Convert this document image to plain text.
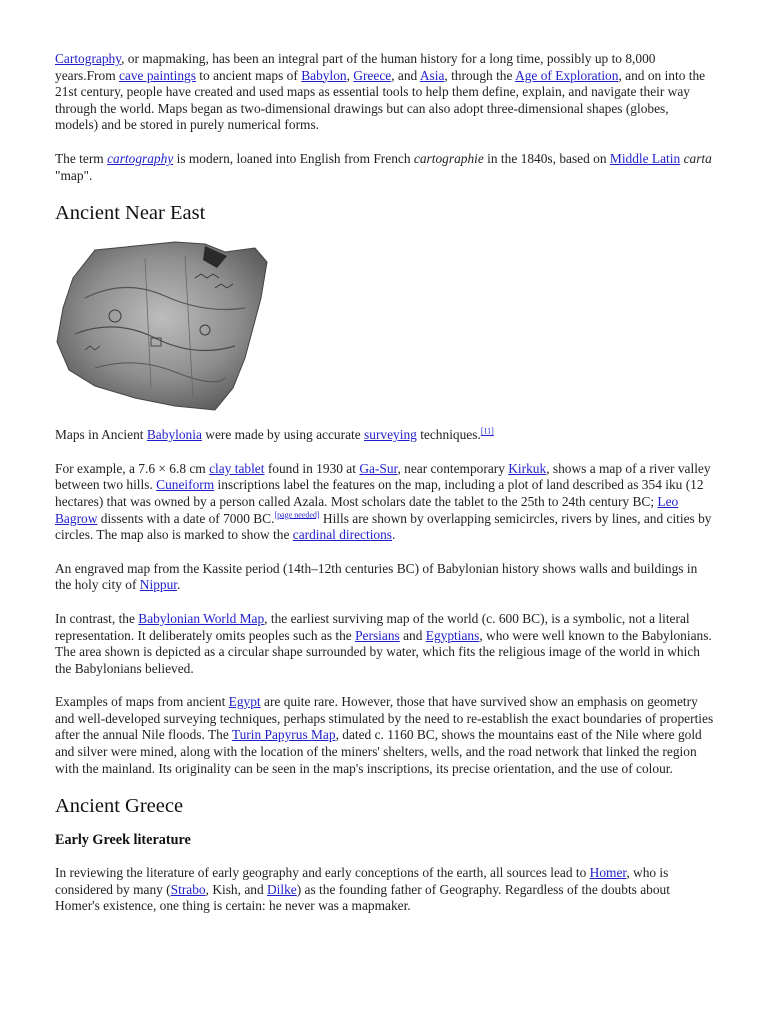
Cartography, or mapmaking, has been an integral part of the human history for a long time, possibly up to 8,000 years.From cave paintings to ancient maps of Babylon, Greece, and Asia, through the Age of Exploration, and on into the 21st century, people have created and used maps as essential tools to help them define, explain, and navigate their way through the world. Maps began as two-dimensional drawings but can also adopt three-dimensional shapes (globes, models) and be stored in purely numerical forms.

The term cartography is modern, loaned into English from French cartographie in the 1840s, based on Middle Latin carta "map".

Ancient Near East

Maps in Ancient Babylonia were made by using accurate surveying techniques.[11]

For example, a 7.6 × 6.8 cm clay tablet found in 1930 at Ga-Sur, near contemporary Kirkuk, shows a map of a river valley between two hills. Cuneiform inscriptions label the features on the map, including a plot of land described as 354 iku (12 hectares) that was owned by a person called Azala. Most scholars date the tablet to the 25th to 24th century BC; Leo Bagrow dissents with a date of 7000 BC.[page needed] Hills are shown by overlapping semicircles, rivers by lines, and cities by circles. The map also is marked to show the cardinal directions.

An engraved map from the Kassite period (14th–12th centuries BC) of Babylonian history shows walls and buildings in the holy city of Nippur.

In contrast, the Babylonian World Map, the earliest surviving map of the world (c. 600 BC), is a symbolic, not a literal representation. It deliberately omits peoples such as the Persians and Egyptians, who were well known to the Babylonians. The area shown is depicted as a circular shape surrounded by water, which fits the religious image of the world in which the Babylonians believed.

Examples of maps from ancient Egypt are quite rare. However, those that have survived show an emphasis on geometry and well-developed surveying techniques, perhaps stimulated by the need to re-establish the exact boundaries of properties after the annual Nile floods. The Turin Papyrus Map, dated c. 1160 BC, shows the mountains east of the Nile where gold and silver were mined, along with the location of the miners' shelters, wells, and the road network that linked the region with the mainland. Its originality can be seen in the map's inscriptions, its precise orientation, and the use of colour.

Ancient Greece
Early Greek literature

In reviewing the literature of early geography and early conceptions of the earth, all sources lead to Homer, who is considered by many (Strabo, Kish, and Dilke) as the founding father of Geography. Regardless of the doubts about Homer's existence, one thing is certain: he never was a mapmaker.
